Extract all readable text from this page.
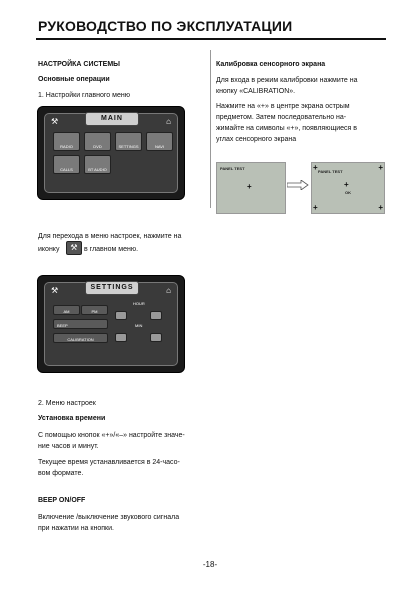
РУКОВОДСТВО ПО ЭКСПЛУАТАЦИИ
НАСТРОЙКА СИСТЕМЫ
Основные операции
1. Настройки главного меню
MAIN
⚒	⌂
RADIO	DVD	SETTINGS	NAVI
CALLS	BT AUDIO
Для перехода в меню настроек, нажмите на
иконку	⚒ в главном меню.
SETTINGS
⚒	⌂
AM	PM
BEEP
CALIBRATION
HOUR
MIN
2. Меню настроек
Установка времени
С помощью кнопок «+»/«–» настройте значе-
ние часов и минут.
Текущее время устанавливается в 24-часо-
вом формате.
BEEP ON/OFF
Включение /выключение звукового сигнала
при нажатии на кнопки.
Калибровка сенсорного экрана
Для входа в режим калибровки нажмите на
кнопку «CALIBRATION».
Нажмите на «+» в центре экрана острым
предметом. Затем последовательно на-
жимайте на символы «+», появляющиеся в
углах сенсорного экрана
PANEL TEST
+
+	+
PANEL TEST
+
OK
+	+
-18-
